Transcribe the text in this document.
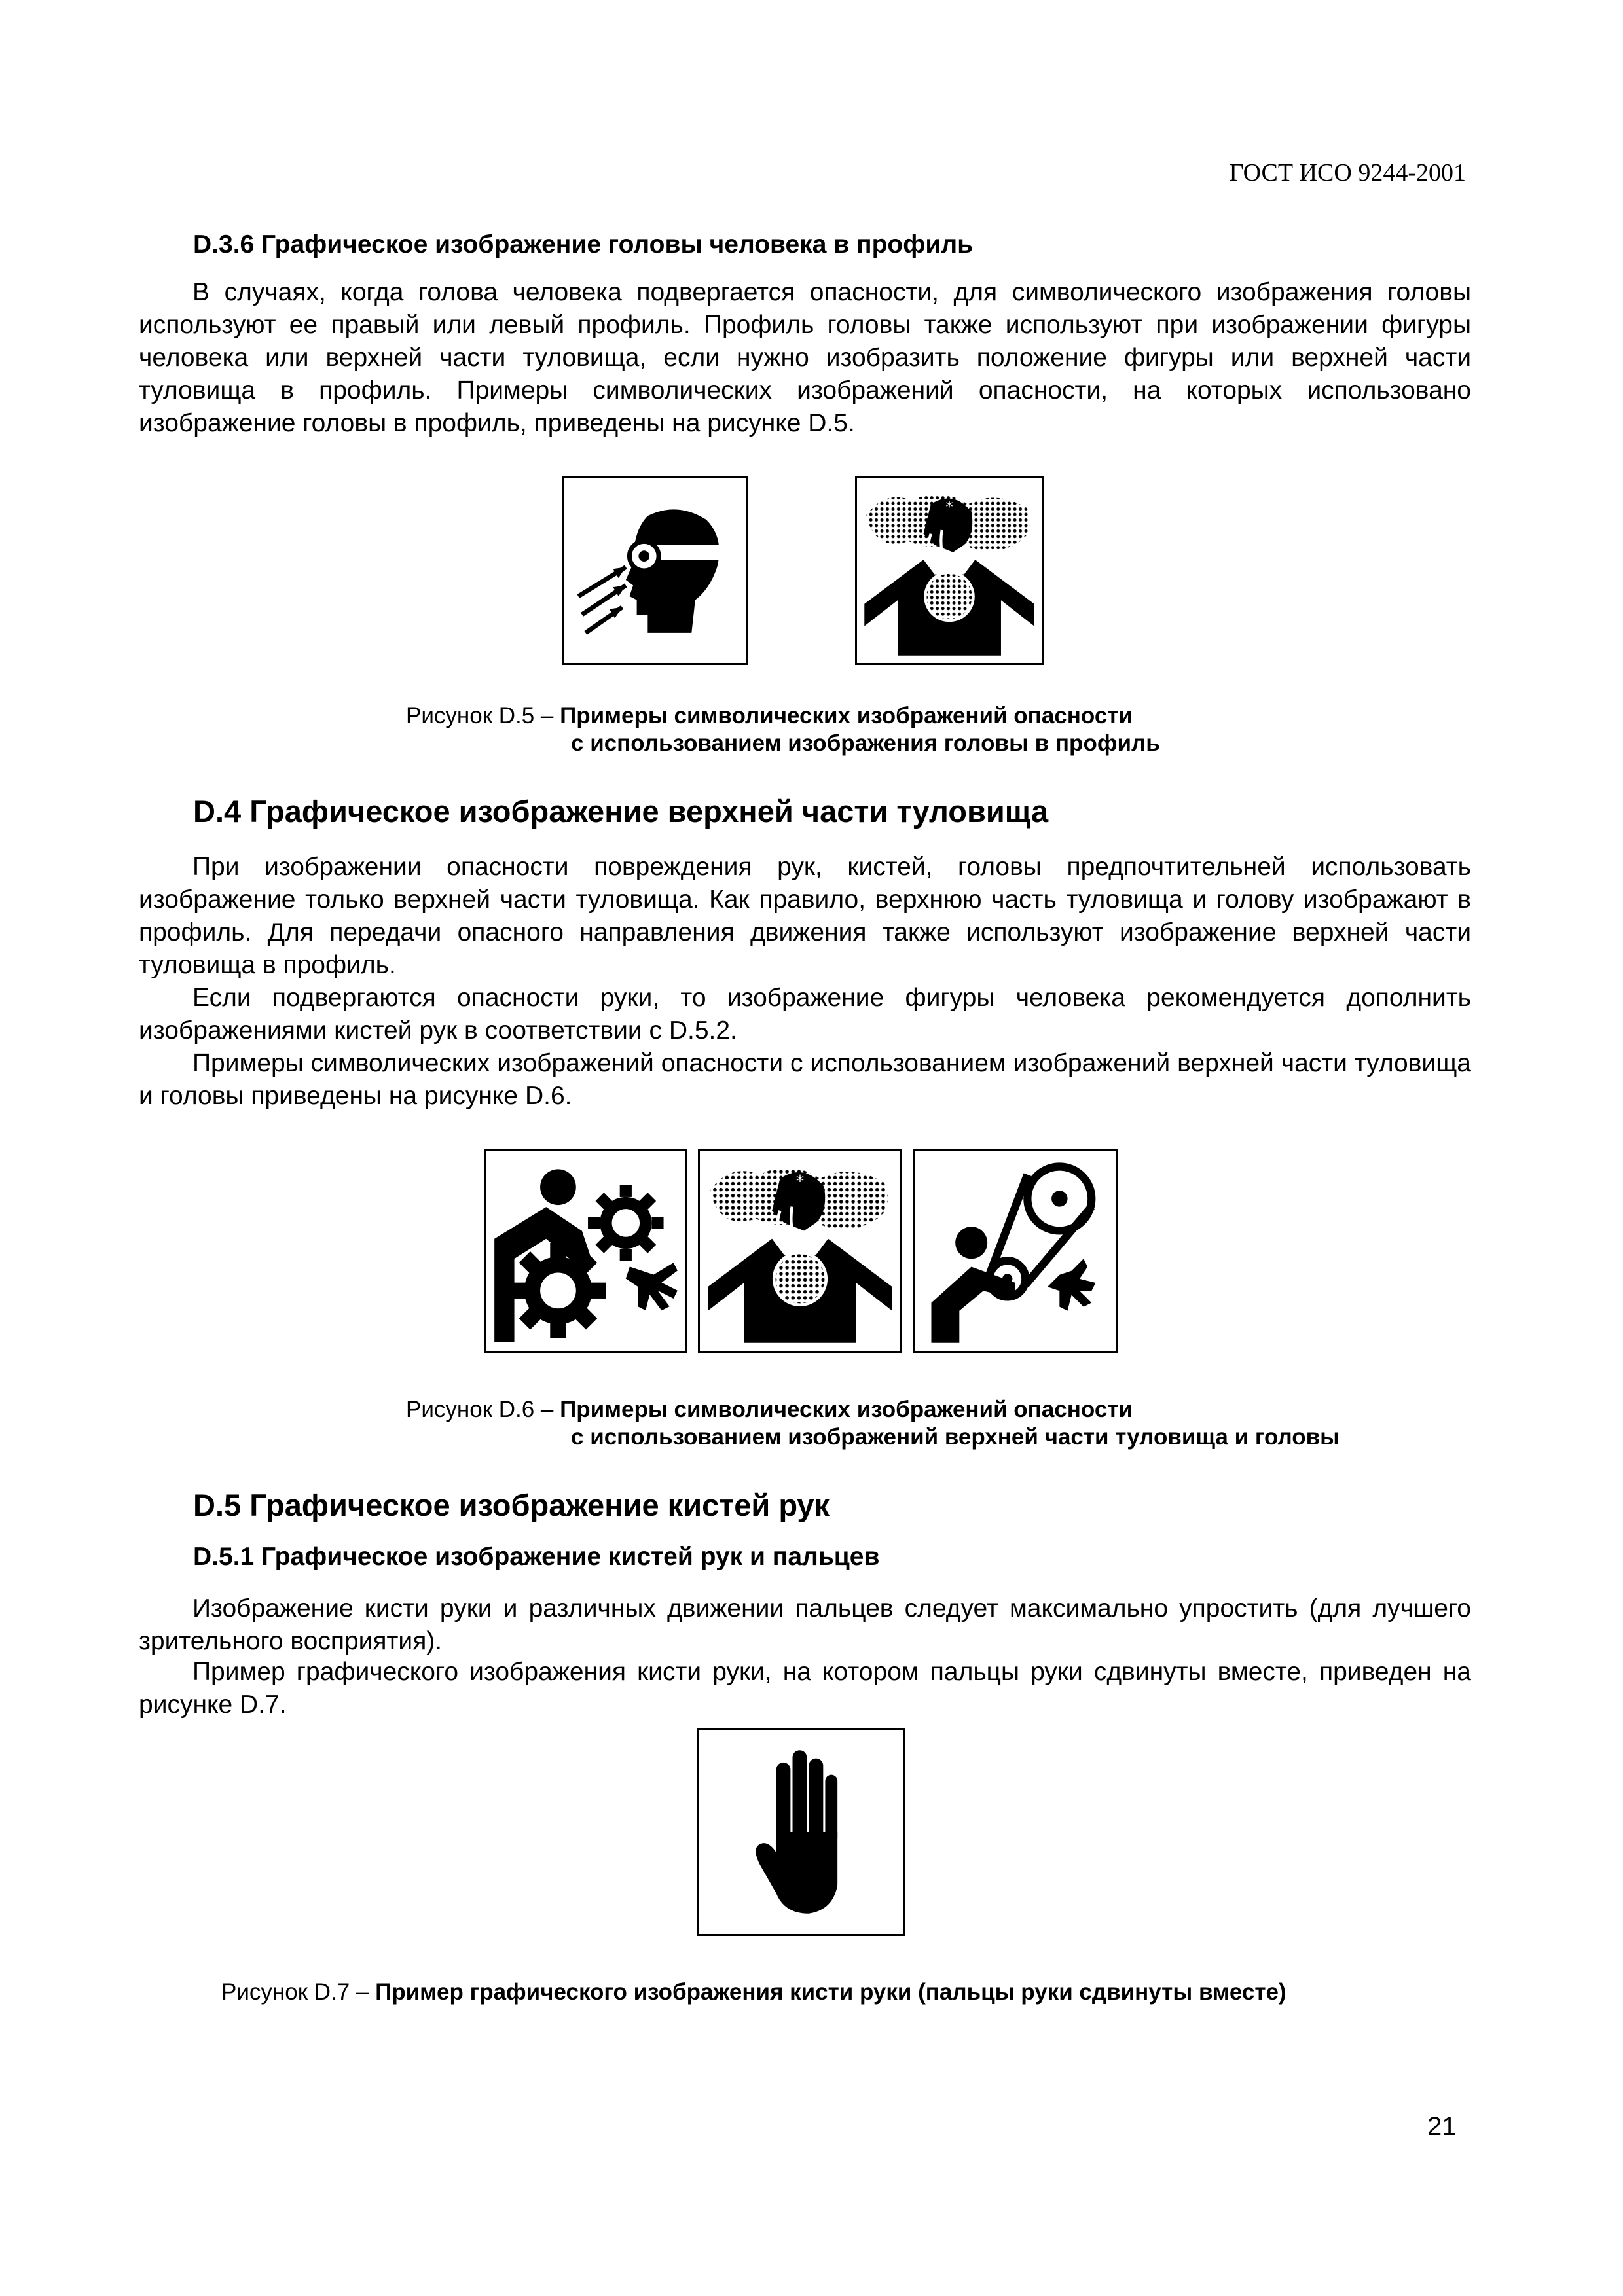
ГОСТ ИСО 9244-2001
D.3.6 Графическое изображение головы человека в профиль

В случаях, когда голова человека подвергается опасности, для символического изображения головы используют ее правый или левый профиль. Профиль головы также используют при изображении фигуры человека или верхней части туловища, если нужно изобразить положение фигуры или верхней части туловища в профиль. Примеры символических изображений опасности, на которых использовано изображение головы в профиль, приведены на рисунке D.5.

*
Рисунок D.5 – Примеры символических изображений опасности
с использованием изображения головы в профиль
D.4 Графическое изображение верхней части туловища

При изображении опасности повреждения рук, кистей, головы предпочтительней использовать изображение только верхней части туловища. Как правило, верхнюю часть туловища и голову изображают в профиль. Для передачи опасного направления движения также используют изображение верхней части туловища в профиль.

Если подвергаются опасности руки, то изображение фигуры человека рекомендуется дополнить изображениями кистей рук в соответствии с D.5.2.

Примеры символических изображений опасности с использованием изображений верхней части туловища и головы приведены на рисунке D.6.

*
Рисунок D.6 – Примеры символических изображений опасности
с использованием изображений верхней части туловища и головы
D.5 Графическое изображение кистей рук
D.5.1 Графическое изображение кистей рук и пальцев

Изображение кисти руки и различных движении пальцев следует максимально упростить (для лучшего зрительного восприятия).

Пример графического изображения кисти руки, на котором пальцы руки сдвинуты вместе, приведен на рисунке D.7.

Рисунок D.7 – Пример графического изображения кисти руки (пальцы руки сдвинуты вместе)
21
